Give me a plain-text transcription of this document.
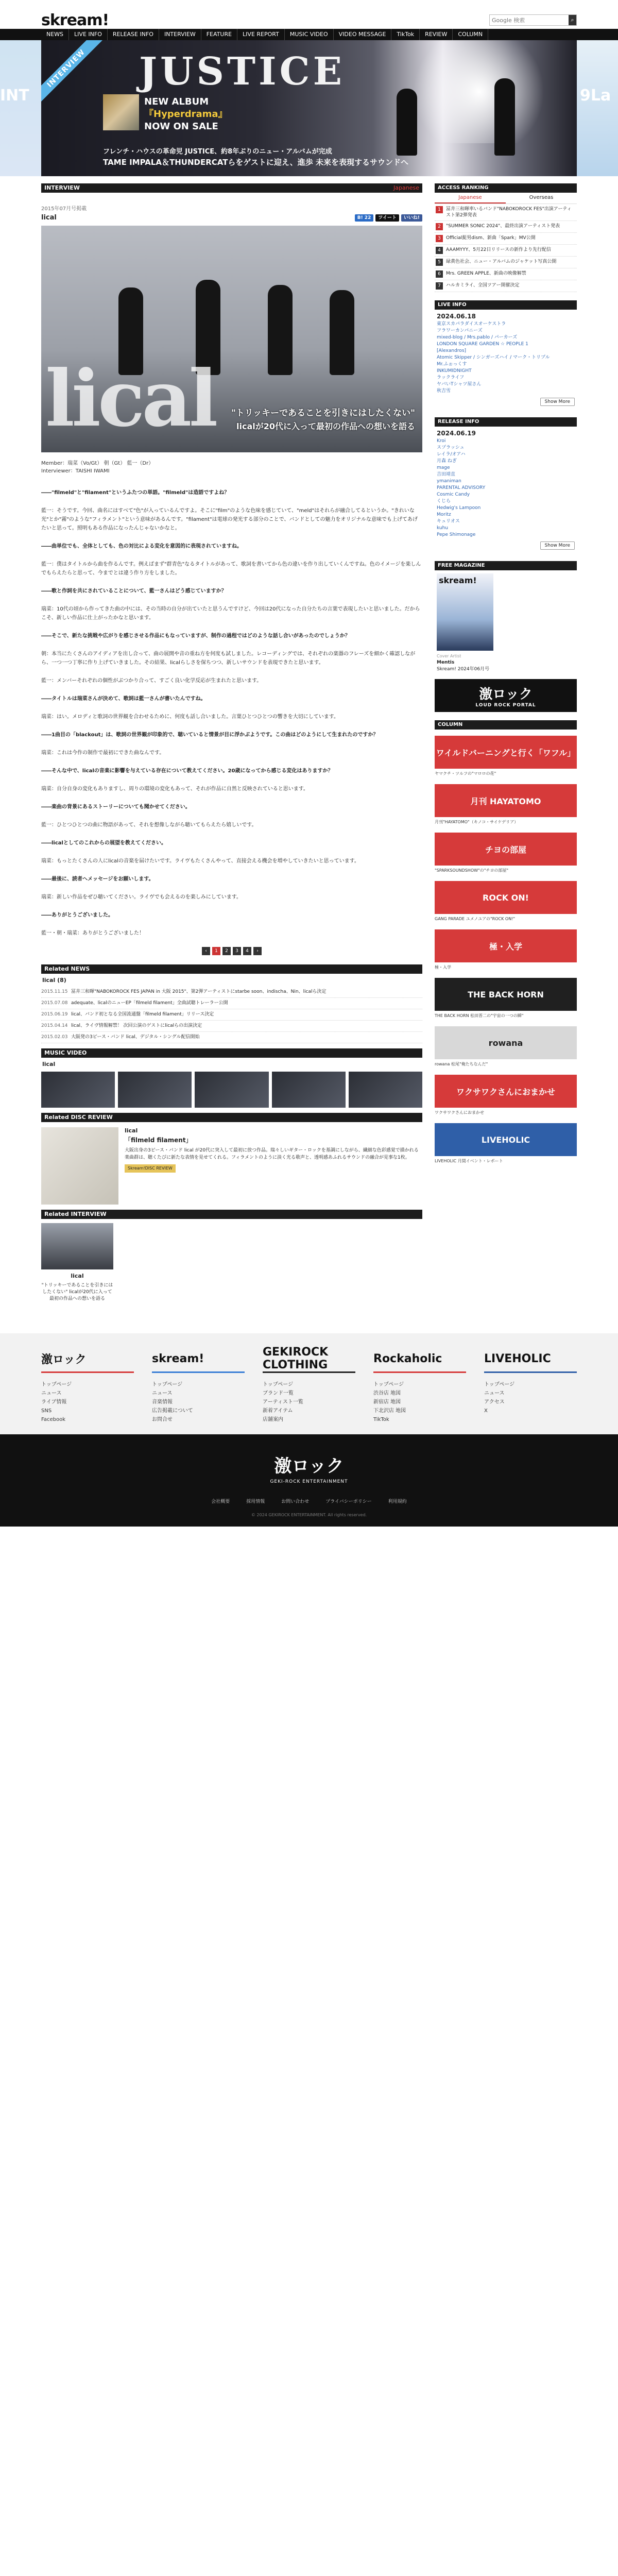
skream!
Google 検索	⌕
NEWS	LIVE INFO	RELEASE INFO	INTERVIEW	FEATURE	LIVE REPORT	MUSIC VIDEO	VIDEO MESSAGE	TikTok	REVIEW	COLUMN
INT	9La
INTERVIEW	JUSTICE
NEW ALBUM
『Hyperdrama』
NOW ON SALE
フレンチ・ハウスの革命児 JUSTICE、約8年ぶりのニュー・アルバムが完成
TAME IMPALA＆THUNDERCATらをゲストに迎え、進歩 未来を表現するサウンドへ
INTERVIEW	Japanese
2015年07月号掲載
lical	B! 22	ツイート	いいね!
lical "トリッキーであることを引きにはしたくない"
licalが20代に入って最初の作品への想いを語る
Member：瑞菜（Vo/Gt） 朝（Gt） 藍一（Dr）
Interviewer：TAISHI IWAMI

――"filmeld"と"filament"というふたつの単語。"filmeld"は造語ですよね？

藍一：そうです。今回、曲名にはすべて"色"が入っているんですよ。そこに"film"のような色味を感じていて、"meld"はそれらが融合してるというか。"きれいな光"とか"霧"のような"フィラメント"という意味があるんです。"filament"は電球の発光する部分のことで、バンドとしての魅力をオリジナルな意味でも上げてあげたいと思って。照明もある作品になったんじゃないかなと。

――曲単位でも、全体としても、色の対比による変化を意図的に表現されていますね。

藍一：僕はタイトルから曲を作るんです。例えばまず"群青色"なるタイトルがあって、歌詞を書いてから色の違いを作り出していくんですね。色のイメージを楽しんでもらえたらと思って、今までとは違う作り方をしました。

――歌と作詞を共にされていることについて、藍一さんはどう感じていますか？

瑞菜：10代の頃から作ってきた曲の中には、その当時の自分が出ていたと思うんですけど、今回は20代になった自分たちの言葉で表現したいと思いました。だからこそ、新しい作品に仕上がったかなと思います。

――そこで、新たな挑戦や広がりを感じさせる作品にもなっていますが、制作の過程ではどのような話し合いがあったのでしょうか？

朝：本当にたくさんのアイディアを出し合って、曲の展開や音の重ね方を何度も試しました。レコーディングでは、それぞれの楽器のフレーズを細かく確認しながら、一つ一つ丁寧に作り上げていきました。その結果、licalらしさを保ちつつ、新しいサウンドを表現できたと思います。

藍一：メンバーそれぞれの個性がぶつかり合って、すごく良い化学反応が生まれたと思います。

――タイトルは瑞菜さんが決めて、歌詞は藍一さんが書いたんですね。

瑞菜：はい。メロディと歌詞の世界観を合わせるために、何度も話し合いました。言葉ひとつひとつの響きを大切にしています。

――1曲目の「blackout」は、歌詞の世界観が印象的で、聴いていると情景が目に浮かぶようです。この曲はどのようにして生まれたのですか？

瑞菜：これは今作の制作で最初にできた曲なんです。

――そんな中で、licalの音楽に影響を与えている存在について教えてください。20歳になってから感じる変化はありますか？

瑞菜：自分自身の変化もありますし、周りの環境の変化もあって、それが作品に自然と反映されていると思います。

――楽曲の背景にあるストーリーについても聞かせてください。

藍一：ひとつひとつの曲に物語があって、それを想像しながら聴いてもらえたら嬉しいです。

――licalとしてのこれからの展望を教えてください。

瑞菜：もっとたくさんの人にlicalの音楽を届けたいです。ライヴもたくさんやって、直接会える機会を増やしていきたいと思っています。

――最後に、読者へメッセージをお願いします。

瑞菜：新しい作品をぜひ聴いてください。ライヴでも会えるのを楽しみにしています。

――ありがとうございました。

藍一・朝・瑞菜：ありがとうございました！

‹	1	2	3	4	›
Related NEWS
lical (8)
2015.11.15 冨井三和暉"NABOKOROCK FES JAPAN in 大阪 2015"、第2弾アーティストにstarbe soon、indischa、Nin、licalら決定
2015.07.08 adequate、licalのニューEP「filmeld filament」全曲試聴トレーラー公開
2015.06.19 lical、バンド初となる全国流通盤「filmeld filament」リリース決定
2015.04.14 lical、ライヴ情報解禁！ 次回公演のゲストにlicalらの出演決定
2015.02.03 大阪発の3ピース・バンド lical、デジタル・シングル配信開始
MUSIC VIDEO
lical
Related DISC REVIEW
lical
「filmeld filament」
大阪出身の3ピース・バンド lical が20代に突入して最初に放つ作品。瑞々しいギター・ロックを基調にしながら、繊細な色彩感覚で描かれる楽曲群は、聴くたびに新たな表情を見せてくれる。フィラメントのように淡く光る歌声と、透明感あふれるサウンドの融合が見事な1枚。
Skream!DISC REVIEW
Related INTERVIEW
lical
"トリッキーであることを引きにはしたくない" licalが20代に入って最初の作品への想いを語る
ACCESS RANKING
Japanese	Overseas
1	冨井三和暉率いるバンド"NABOKOROCK FES"出演アーティスト第2弾発表
2	"SUMMER SONIC 2024"、最終出演アーティスト発表
3	Official髭男dism、新曲「Spark」MV公開
4	AAAMYYY、5月22日リリースの新作より先行配信
5	緑黄色社会、ニュー・アルバムのジャケット写真公開
6	Mrs. GREEN APPLE、新曲の映像解禁
7	ハルカミライ、全国ツアー開催決定
LIVE INFO
2024.06.18
東京スカパラダイスオーケストラ
フラワーカンパニーズ
mixed-blog / Mrs.pablo / パーカーズ
LONDON SQUARE GARDEN ☆ PEOPLE 1
[Alexandros]
Atomic Skipper / シンガーズハイ / マーク・トリプル
Mr.ふぉっくす
INKUMIDNIGHT
ラックライフ
ヤバいTシャツ屋さん
秋吉雪
Show More
RELEASE INFO
2024.06.19
Kroi
スプラッシュ
レイラ/オアハ
月森 ねぎ
mage
吉田靖直
ymaniman
PARENTAL ADVISORY
Cosmic Candy
くじら
Hedwig's Lampoon
Moritz
キュリオス
kuhu
Pepe Shimonage
Show More
FREE MAGAZINE
skream!
Cover Artist
Mentis
Skream! 2024年06月号
激ロック
LOUD ROCK PORTAL
COLUMN
ワイルドバーニングと行く「ワフル」
ヤマクチ・ツルフの"マロロの花"
月刊 HAYATOMO
月刊"HAYATOMO"（キノコ・サイケデリア）
チヨの部屋
"SPARKSOUNDSHOW"の"チヨの部屋"
ROCK ON!
GANG PARADE ユメノユアの"ROCK ON!"
極・入学
極・入学
THE BACK HORN
THE BACK HORN 松田晋二の"宇宙の一つの瞬"
rowana
rowana 松尾"俺たちなんだ"
ワクサワクさんにおまかせ
ワクサワクさんにおまかせ
LIVEHOLIC
LIVEHOLIC 月間イベント・レポート
激ロック
トップページ
ニュース
ライブ情報
SNS
Facebook
skream!
トップページ
ニュース
音楽情報
広告掲載について
お問合せ
GEKIROCK CLOTHING
トップページ
ブランド一覧
アーティスト一覧
新着アイテム
店舗案内
Rockaholic
トップページ
渋谷店 地図
新宿店 地図
下北沢店 地図
TikTok
LIVEHOLIC
トップページ
ニュース
アクセス
X
激ロック
GEKI-ROCK ENTERTAINMENT
会社概要	採用情報	お問い合わせ	プライバシーポリシー	利用規約
© 2024 GEKIROCK ENTERTAINMENT. All rights reserved.
